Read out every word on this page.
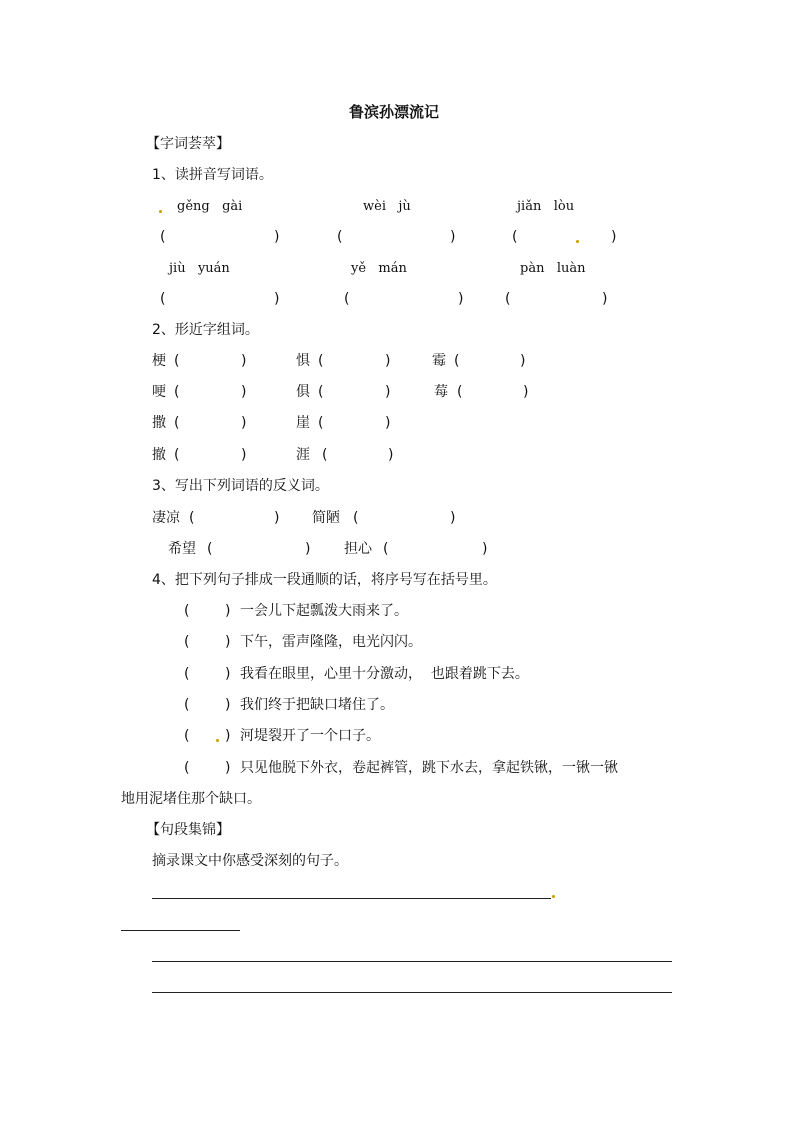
鲁滨孙漂流记
【字词荟萃】
1、读拼音写词语。
gěng   gài	wèi   jù	jiǎn   lòu
(	)	(	)	(	)
jiù   yuán	yě   mán	pàn   luàn
(	)	(	)	(	)
2、形近字组词。
梗 (	)	惧 (	)	霉 (	)
哽 (	)	俱 (	)	莓 (	)
撒 (	)	崖 (	)
撤 (	)	涯 (	)
3、写出下列词语的反义词。
凄凉 (	) 简陋 (	)
希望 (	) 担心 (	)
4、把下列句子排成一段通顺的话，将序号写在括号里。
(	) 一会儿下起瓢泼大雨来了。
(	) 下午，雷声隆隆，电光闪闪。
(	) 我看在眼里，心里十分激动，  也跟着跳下去。
(	) 我们终于把缺口堵住了。
(	) 河堤裂开了一个口子。
(	) 只见他脱下外衣，卷起裤管，跳下水去，拿起铁锹，一锹一锹
地用泥堵住那个缺口。
【句段集锦】
摘录课文中你感受深刻的句子。
